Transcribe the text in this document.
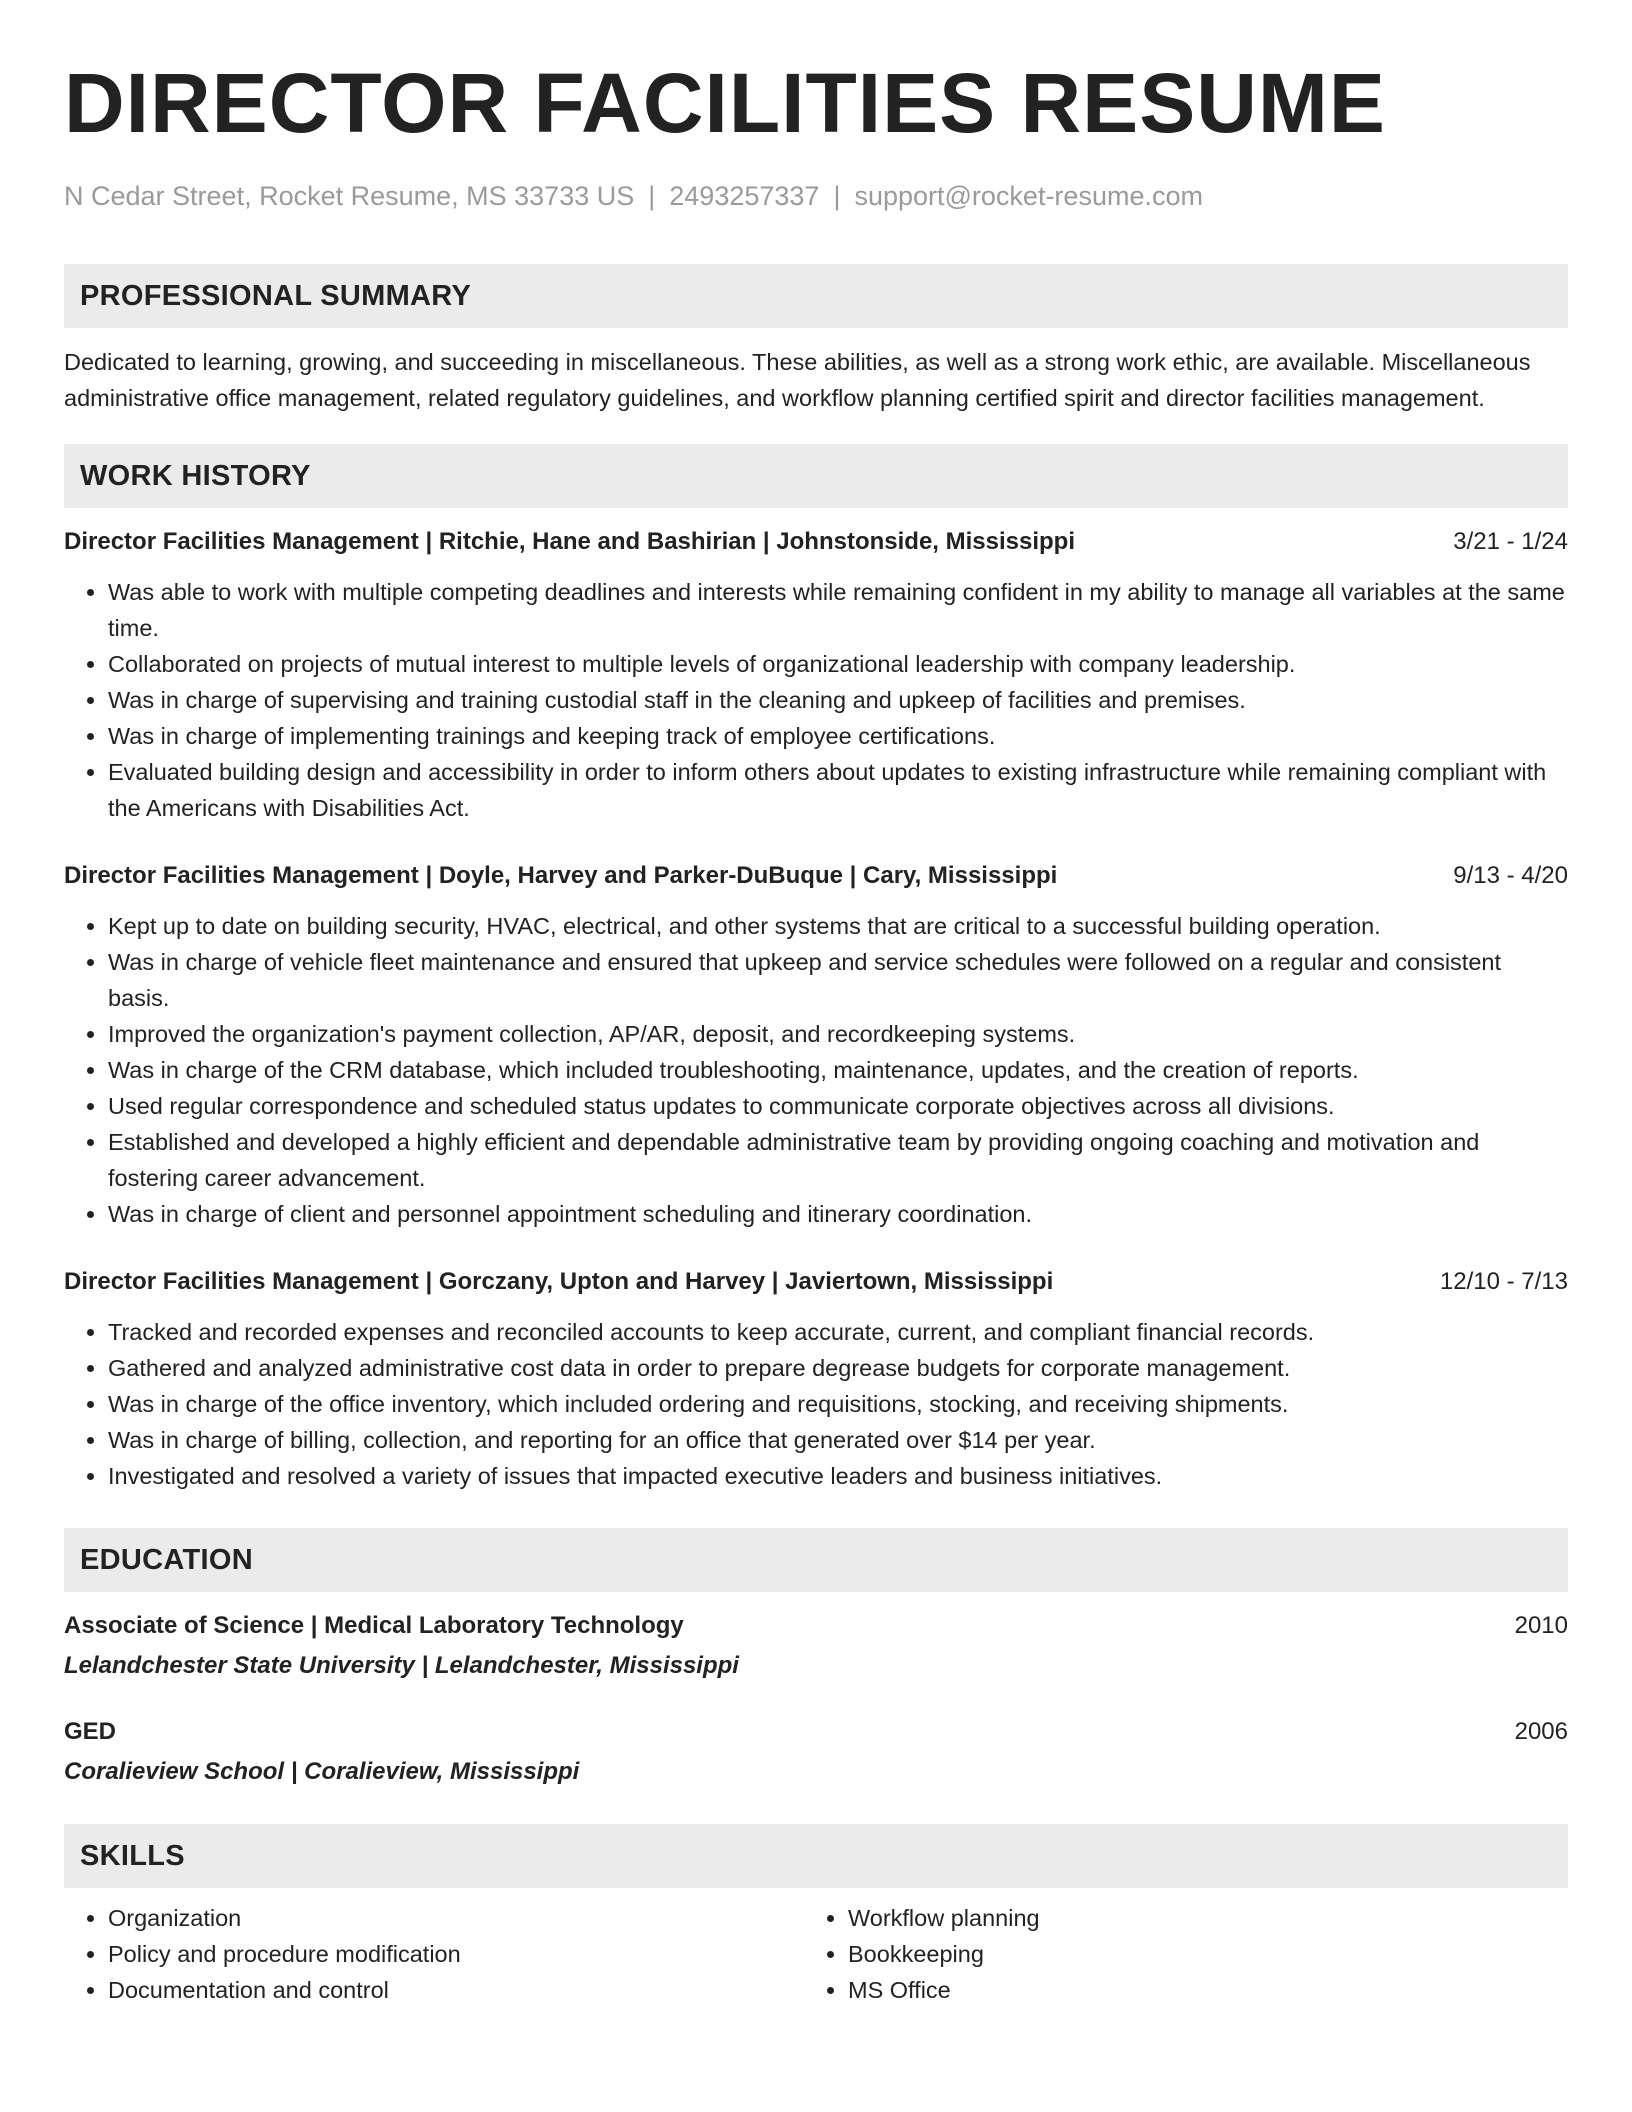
DIRECTOR FACILITIES RESUME
N Cedar Street, Rocket Resume, MS 33733 US | 2493257337 | support@rocket-resume.com
PROFESSIONAL SUMMARY
Dedicated to learning, growing, and succeeding in miscellaneous. These abilities, as well as a strong work ethic, are available. Miscellaneous administrative office management, related regulatory guidelines, and workflow planning certified spirit and director facilities management.
WORK HISTORY
Director Facilities Management | Ritchie, Hane and Bashirian | Johnstonside, Mississippi	3/21 - 1/24
• Was able to work with multiple competing deadlines and interests while remaining confident in my ability to manage all variables at the same time.
• Collaborated on projects of mutual interest to multiple levels of organizational leadership with company leadership.
• Was in charge of supervising and training custodial staff in the cleaning and upkeep of facilities and premises.
• Was in charge of implementing trainings and keeping track of employee certifications.
• Evaluated building design and accessibility in order to inform others about updates to existing infrastructure while remaining compliant with the Americans with Disabilities Act.
Director Facilities Management | Doyle, Harvey and Parker-DuBuque | Cary, Mississippi	9/13 - 4/20
• Kept up to date on building security, HVAC, electrical, and other systems that are critical to a successful building operation.
• Was in charge of vehicle fleet maintenance and ensured that upkeep and service schedules were followed on a regular and consistent basis.
• Improved the organization's payment collection, AP/AR, deposit, and recordkeeping systems.
• Was in charge of the CRM database, which included troubleshooting, maintenance, updates, and the creation of reports.
• Used regular correspondence and scheduled status updates to communicate corporate objectives across all divisions.
• Established and developed a highly efficient and dependable administrative team by providing ongoing coaching and motivation and fostering career advancement.
• Was in charge of client and personnel appointment scheduling and itinerary coordination.
Director Facilities Management | Gorczany, Upton and Harvey | Javiertown, Mississippi	12/10 - 7/13
• Tracked and recorded expenses and reconciled accounts to keep accurate, current, and compliant financial records.
• Gathered and analyzed administrative cost data in order to prepare degrease budgets for corporate management.
• Was in charge of the office inventory, which included ordering and requisitions, stocking, and receiving shipments.
• Was in charge of billing, collection, and reporting for an office that generated over $14 per year.
• Investigated and resolved a variety of issues that impacted executive leaders and business initiatives.
EDUCATION
Associate of Science | Medical Laboratory Technology	2010
Lelandchester State University | Lelandchester, Mississippi
GED	2006
Coralieview School | Coralieview, Mississippi
SKILLS
• Organization
• Policy and procedure modification
• Documentation and control
• Workflow planning
• Bookkeeping
• MS Office
